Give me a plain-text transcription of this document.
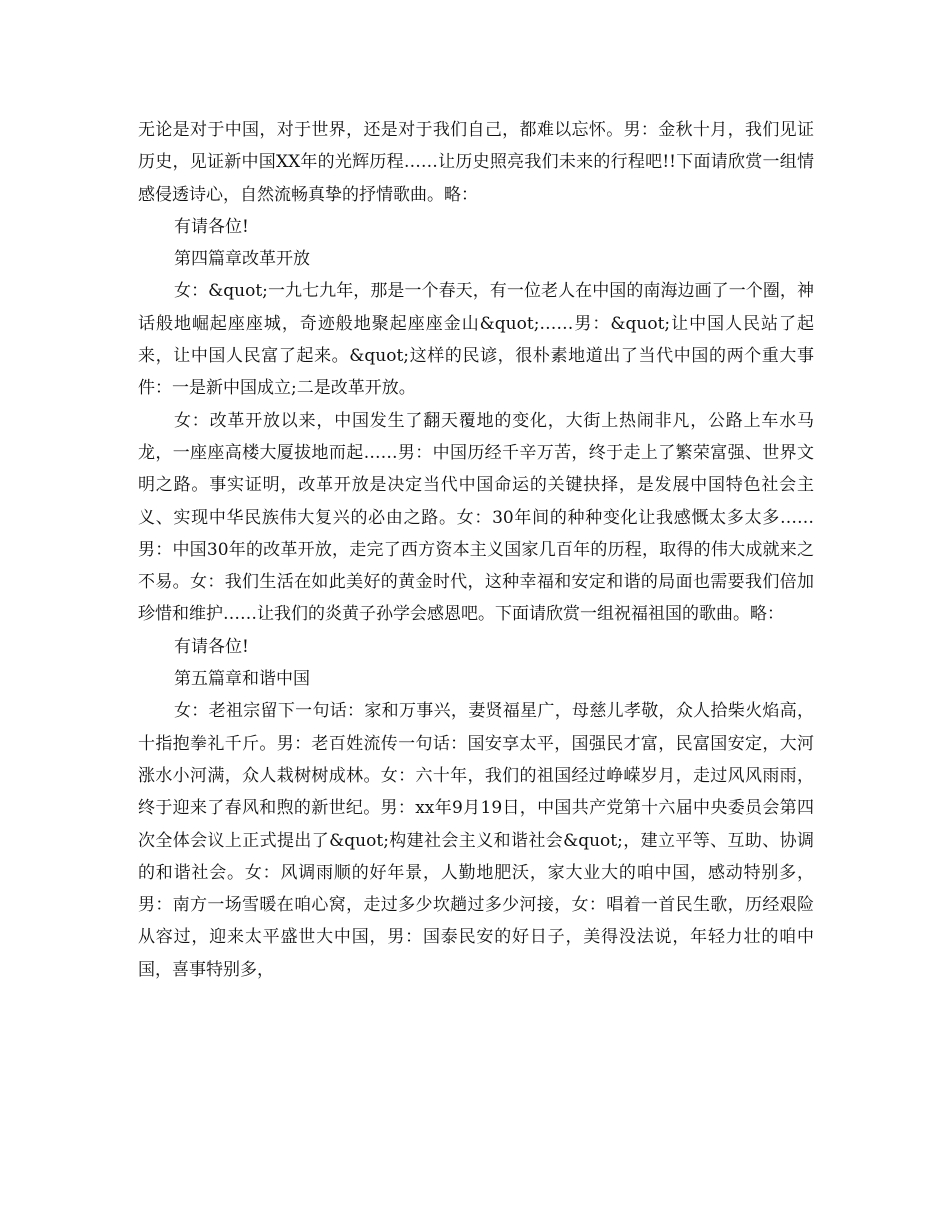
无论是对于中国，对于世界，还是对于我们自己，都难以忘怀。男：金秋十月，我们见证历史，见证新中国XX年的光辉历程……让历史照亮我们未来的行程吧!!下面请欣赏一组情感侵透诗心，自然流畅真挚的抒情歌曲。略：

有请各位!

第四篇章改革开放

女：&quot;一九七九年，那是一个春天，有一位老人在中国的南海边画了一个圈，神话般地崛起座座城，奇迹般地聚起座座金山&quot;……男：&quot;让中国人民站了起来，让中国人民富了起来。&quot;这样的民谚，很朴素地道出了当代中国的两个重大事件：一是新中国成立;二是改革开放。

女：改革开放以来，中国发生了翻天覆地的变化，大街上热闹非凡，公路上车水马龙，一座座高楼大厦拔地而起……男：中国历经千辛万苦，终于走上了繁荣富强、世界文明之路。事实证明，改革开放是决定当代中国命运的关键抉择，是发展中国特色社会主义、实现中华民族伟大复兴的必由之路。女：30年间的种种变化让我感慨太多太多……男：中国30年的改革开放，走完了西方资本主义国家几百年的历程，取得的伟大成就来之不易。女：我们生活在如此美好的黄金时代，这种幸福和安定和谐的局面也需要我们倍加珍惜和维护……让我们的炎黄子孙学会感恩吧。下面请欣赏一组祝福祖国的歌曲。略：

有请各位!

第五篇章和谐中国

女：老祖宗留下一句话：家和万事兴，妻贤福星广，母慈儿孝敬，众人拾柴火焰高，十指抱拳礼千斤。男：老百姓流传一句话：国安享太平，国强民才富，民富国安定，大河涨水小河满，众人栽树树成林。女：六十年，我们的祖国经过峥嵘岁月，走过风风雨雨，终于迎来了春风和煦的新世纪。男：xx年9月19日，中国共产党第十六届中央委员会第四次全体会议上正式提出了&quot;构建社会主义和谐社会&quot;，建立平等、互助、协调的和谐社会。女：风调雨顺的好年景，人勤地肥沃，家大业大的咱中国，感动特别多，男：南方一场雪暖在咱心窝，走过多少坎趟过多少河接，女：唱着一首民生歌，历经艰险从容过，迎来太平盛世大中国，男：国泰民安的好日子，美得没法说，年轻力壮的咱中国，喜事特别多，
